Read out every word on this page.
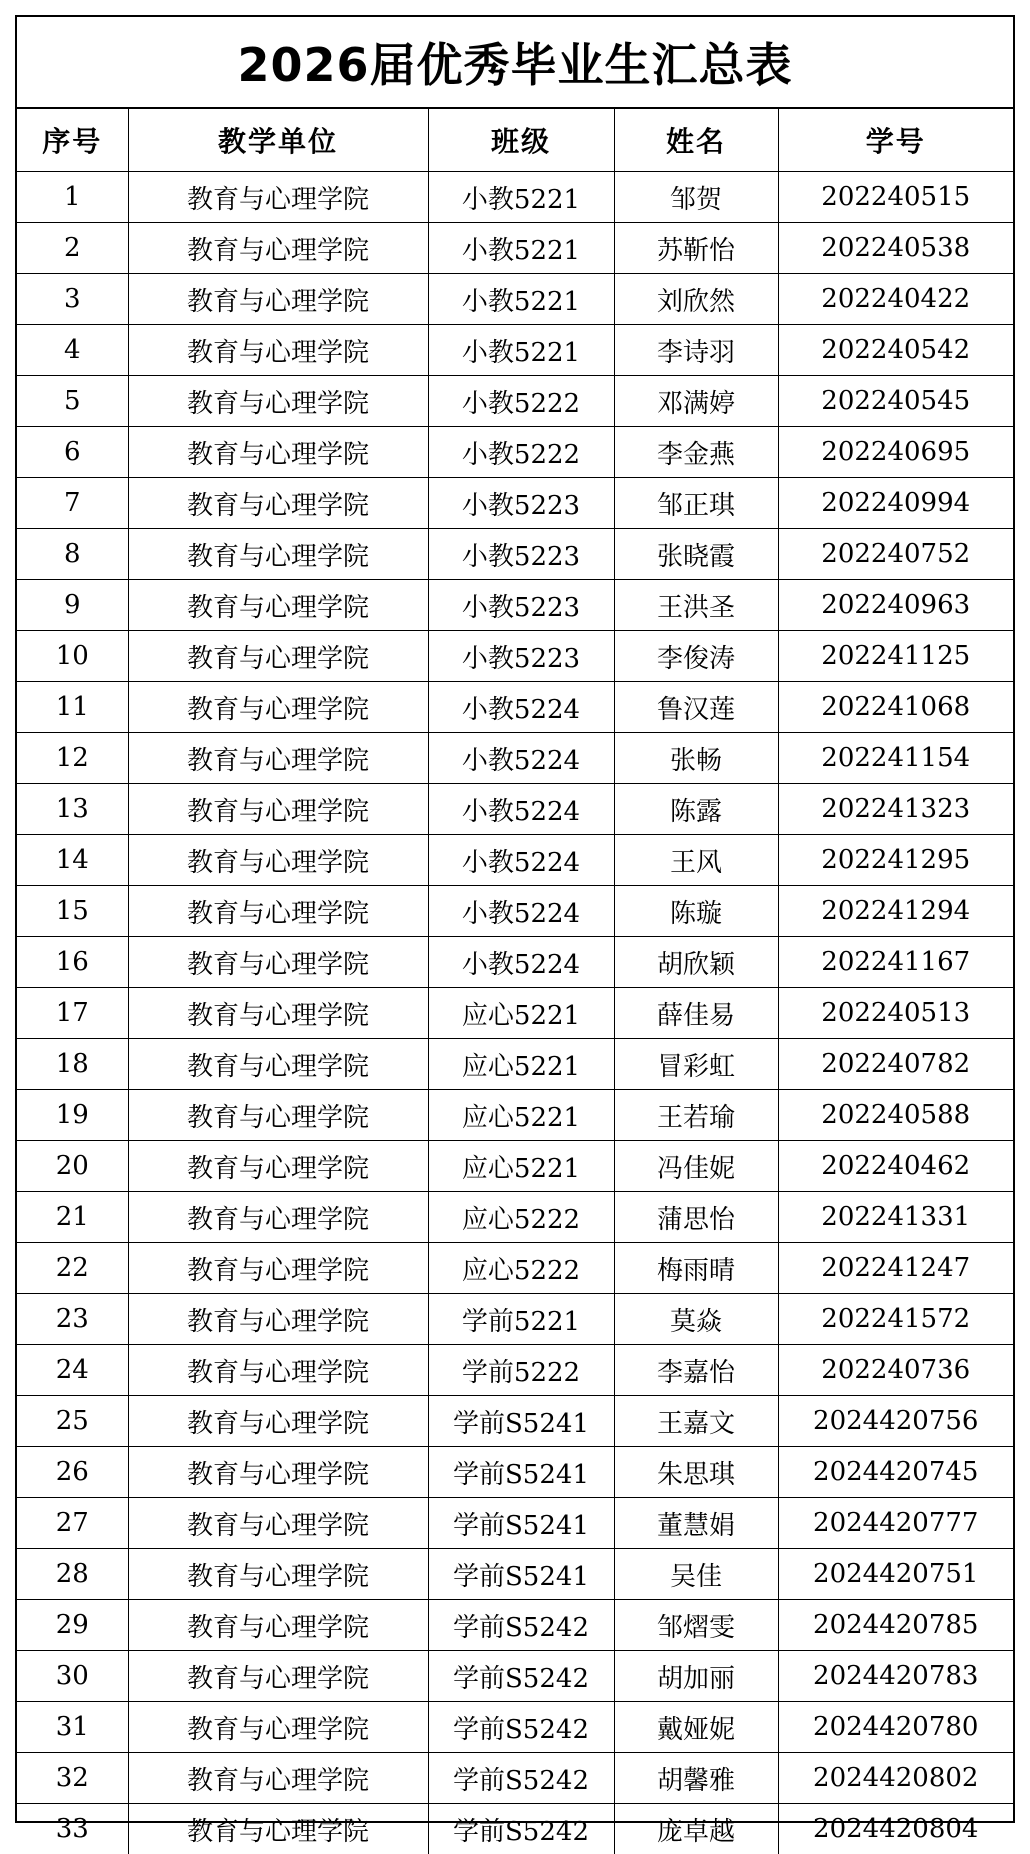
2026届优秀毕业生汇总表
序号	教学单位	班级	姓名	学号
1	教育与心理学院	小教5221	邹贺	202240515
2	教育与心理学院	小教5221	苏靳怡	202240538
3	教育与心理学院	小教5221	刘欣然	202240422
4	教育与心理学院	小教5221	李诗羽	202240542
5	教育与心理学院	小教5222	邓满婷	202240545
6	教育与心理学院	小教5222	李金燕	202240695
7	教育与心理学院	小教5223	邹正琪	202240994
8	教育与心理学院	小教5223	张晓霞	202240752
9	教育与心理学院	小教5223	王洪圣	202240963
10	教育与心理学院	小教5223	李俊涛	202241125
11	教育与心理学院	小教5224	鲁汉莲	202241068
12	教育与心理学院	小教5224	张畅	202241154
13	教育与心理学院	小教5224	陈露	202241323
14	教育与心理学院	小教5224	王风	202241295
15	教育与心理学院	小教5224	陈璇	202241294
16	教育与心理学院	小教5224	胡欣颖	202241167
17	教育与心理学院	应心5221	薛佳易	202240513
18	教育与心理学院	应心5221	冒彩虹	202240782
19	教育与心理学院	应心5221	王若瑜	202240588
20	教育与心理学院	应心5221	冯佳妮	202240462
21	教育与心理学院	应心5222	蒲思怡	202241331
22	教育与心理学院	应心5222	梅雨晴	202241247
23	教育与心理学院	学前5221	莫焱	202241572
24	教育与心理学院	学前5222	李嘉怡	202240736
25	教育与心理学院	学前S5241	王嘉文	2024420756
26	教育与心理学院	学前S5241	朱思琪	2024420745
27	教育与心理学院	学前S5241	董慧娟	2024420777
28	教育与心理学院	学前S5241	吴佳	2024420751
29	教育与心理学院	学前S5242	邹熠雯	2024420785
30	教育与心理学院	学前S5242	胡加丽	2024420783
31	教育与心理学院	学前S5242	戴娅妮	2024420780
32	教育与心理学院	学前S5242	胡馨雅	2024420802
33	教育与心理学院	学前S5242	庞卓越	2024420804
